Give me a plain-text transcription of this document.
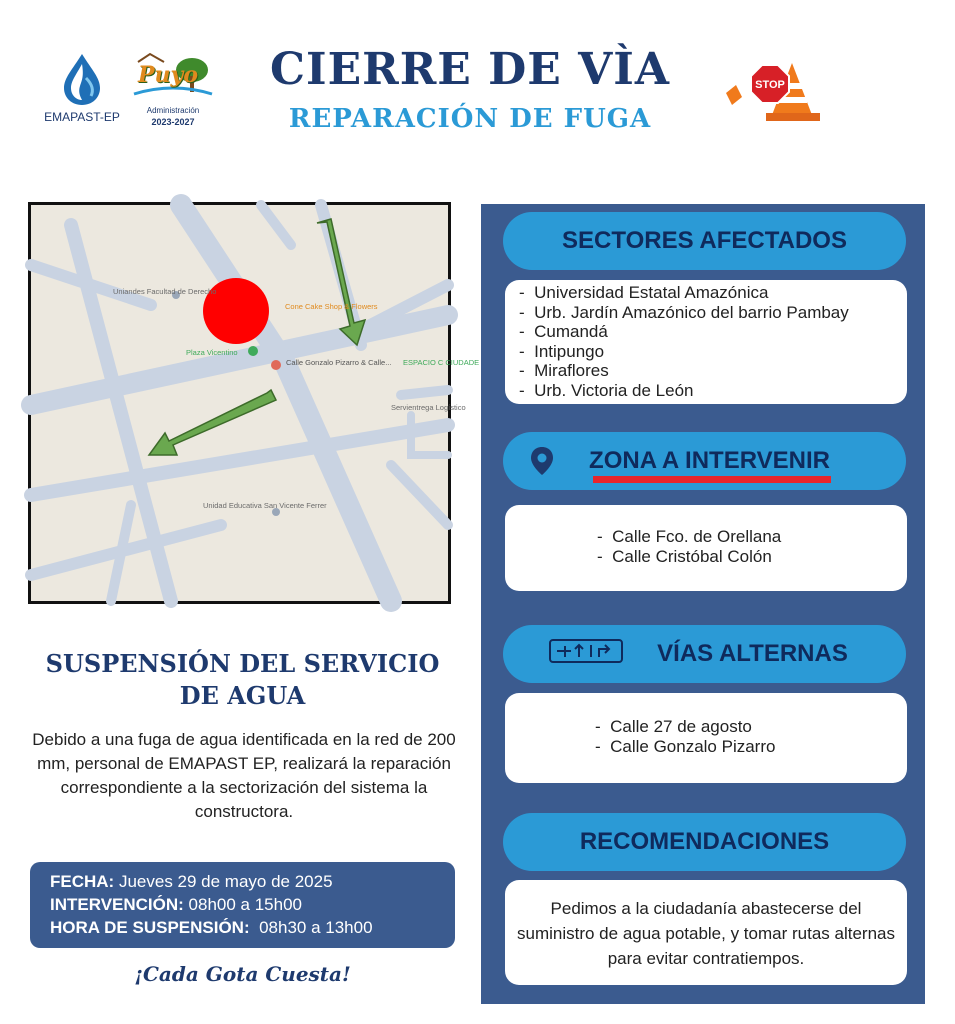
EMAPAST-EP
Puyo
Administración
2023-2027
CIERRE DE VÌA
REPARACIÓN DE FUGA
STOP
Uniandes Facultad de Derecho
Cone Cake Shop & Flowers
Plaza Vicentino
Calle Gonzalo Pizarro & Calle... ESPACIO C CIUDADE
Servientrega Logístico
Unidad Educativa San Vicente Ferrer
SUSPENSIÓN DEL SERVICIO
DE AGUA
Debido a una fuga de agua identificada en la red de 200 mm, personal de EMAPAST EP, realizará la reparación correspondiente a la sectorización del sistema la constructora.
FECHA: Jueves 29 de mayo de 2025
INTERVENCIÓN: 08h00 a 15h00
HORA DE SUSPENSIÓN: 08h30 a 13h00
¡Cada Gota Cuesta!
SECTORES AFECTADOS
-  Universidad Estatal Amazónica
-  Urb. Jardín Amazónico del barrio Pambay
-  Cumandá
-  Intipungo
-  Miraflores
-  Urb. Victoria de León
ZONA A INTERVENIR
-  Calle Fco. de Orellana
-  Calle Cristóbal Colón
VÍAS ALTERNAS
-  Calle 27 de agosto
-  Calle Gonzalo Pizarro
RECOMENDACIONES
Pedimos a la ciudadanía abastecerse del suministro de agua potable, y tomar rutas alternas para evitar contratiempos.
